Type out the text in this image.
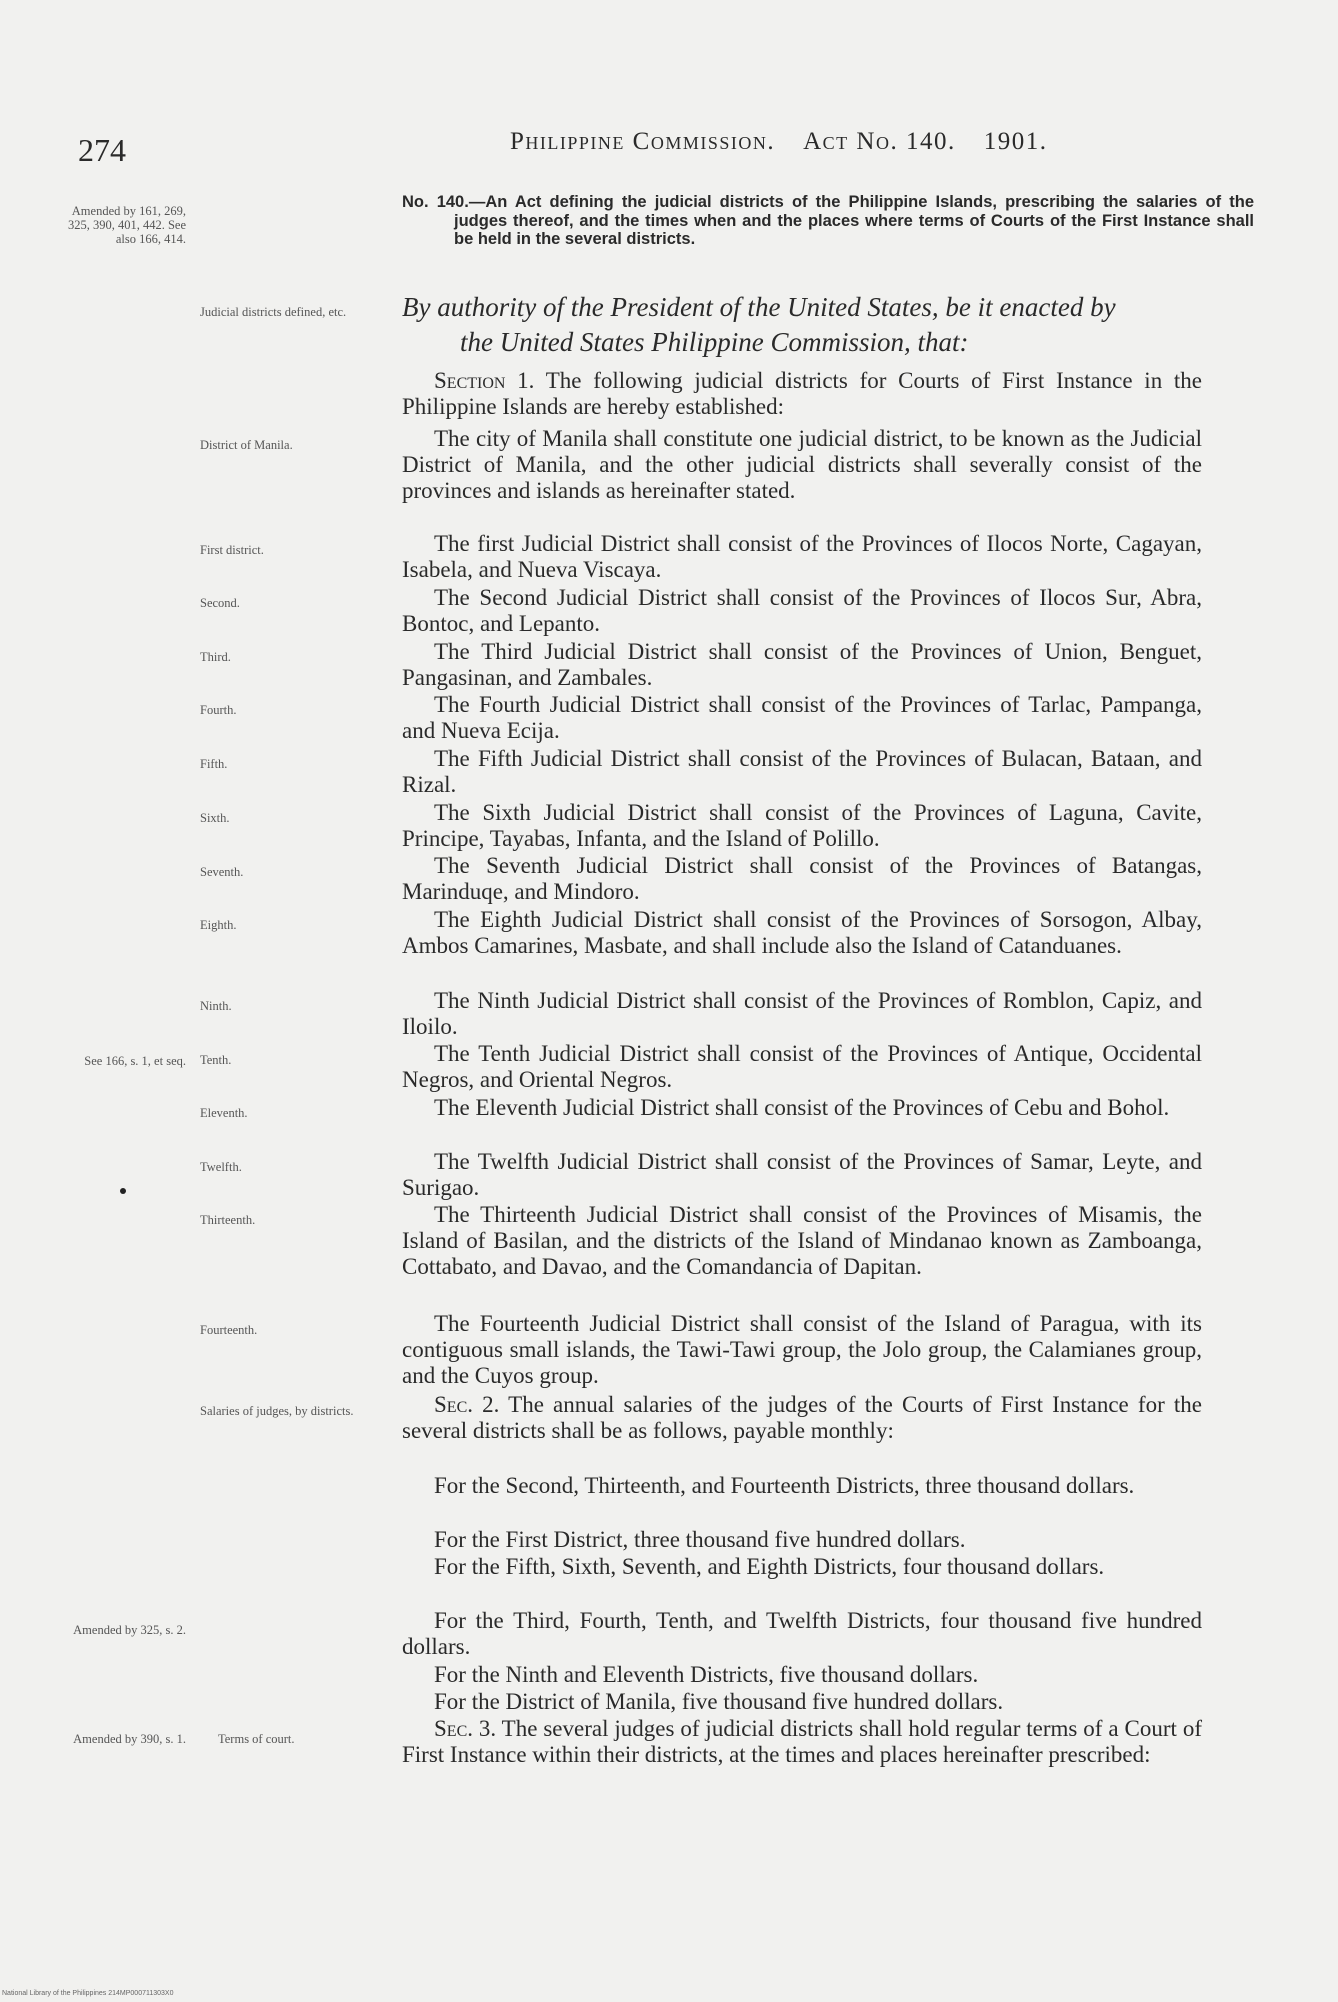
274	Philippine Commission. Act No. 140. 1901.
Amended by 161, 269, 325, 390, 401, 442. See also 166, 414.
See 166, s. 1, et seq.
Amended by 325, s. 2.
Amended by 390, s. 1.
Judicial districts defined, etc.
District of Manila.
First district.
Second.
Third.
Fourth.
Fifth.
Sixth.
Seventh.
Eighth.
Ninth.
Tenth.
Eleventh.
Twelfth.
Thirteenth.
Fourteenth.
Salaries of judges, by districts.
Terms of court.
No. 140.—An Act defining the judicial districts of the Philippine Islands, prescribing the salaries of the judges thereof, and the times when and the places where terms of Courts of the First Instance shall be held in the several districts.
By authority of the President of the United States, be it enacted by
the United States Philippine Commission, that:
Section 1. The following judicial districts for Courts of First Instance in the Philippine Islands are hereby established:
The city of Manila shall constitute one judicial district, to be known as the Judicial District of Manila, and the other judicial districts shall severally consist of the provinces and islands as hereinafter stated.
The first Judicial District shall consist of the Provinces of Ilocos Norte, Cagayan, Isabela, and Nueva Viscaya.
The Second Judicial District shall consist of the Provinces of Ilocos Sur, Abra, Bontoc, and Lepanto.
The Third Judicial District shall consist of the Provinces of Union, Benguet, Pangasinan, and Zambales.
The Fourth Judicial District shall consist of the Provinces of Tarlac, Pampanga, and Nueva Ecija.
The Fifth Judicial District shall consist of the Provinces of Bulacan, Bataan, and Rizal.
The Sixth Judicial District shall consist of the Provinces of Laguna, Cavite, Principe, Tayabas, Infanta, and the Island of Polillo.
The Seventh Judicial District shall consist of the Provinces of Batangas, Marinduqe, and Mindoro.
The Eighth Judicial District shall consist of the Provinces of Sorsogon, Albay, Ambos Camarines, Masbate, and shall include also the Island of Catanduanes.
The Ninth Judicial District shall consist of the Provinces of Romblon, Capiz, and Iloilo.
The Tenth Judicial District shall consist of the Provinces of Antique, Occidental Negros, and Oriental Negros.
The Eleventh Judicial District shall consist of the Provinces of Cebu and Bohol.
The Twelfth Judicial District shall consist of the Provinces of Samar, Leyte, and Surigao.
The Thirteenth Judicial District shall consist of the Provinces of Misamis, the Island of Basilan, and the districts of the Island of Mindanao known as Zamboanga, Cottabato, and Davao, and the Comandancia of Dapitan.
The Fourteenth Judicial District shall consist of the Island of Paragua, with its contiguous small islands, the Tawi-Tawi group, the Jolo group, the Calamianes group, and the Cuyos group.
Sec. 2. The annual salaries of the judges of the Courts of First Instance for the several districts shall be as follows, payable monthly:
For the Second, Thirteenth, and Fourteenth Districts, three thousand dollars.
For the First District, three thousand five hundred dollars.
For the Fifth, Sixth, Seventh, and Eighth Districts, four thousand dollars.
For the Third, Fourth, Tenth, and Twelfth Districts, four thousand five hundred dollars.
For the Ninth and Eleventh Districts, five thousand dollars.
For the District of Manila, five thousand five hundred dollars.
Sec. 3. The several judges of judicial districts shall hold regular terms of a Court of First Instance within their districts, at the times and places hereinafter prescribed:
National Library of the Philippines 214MP000711303X0
